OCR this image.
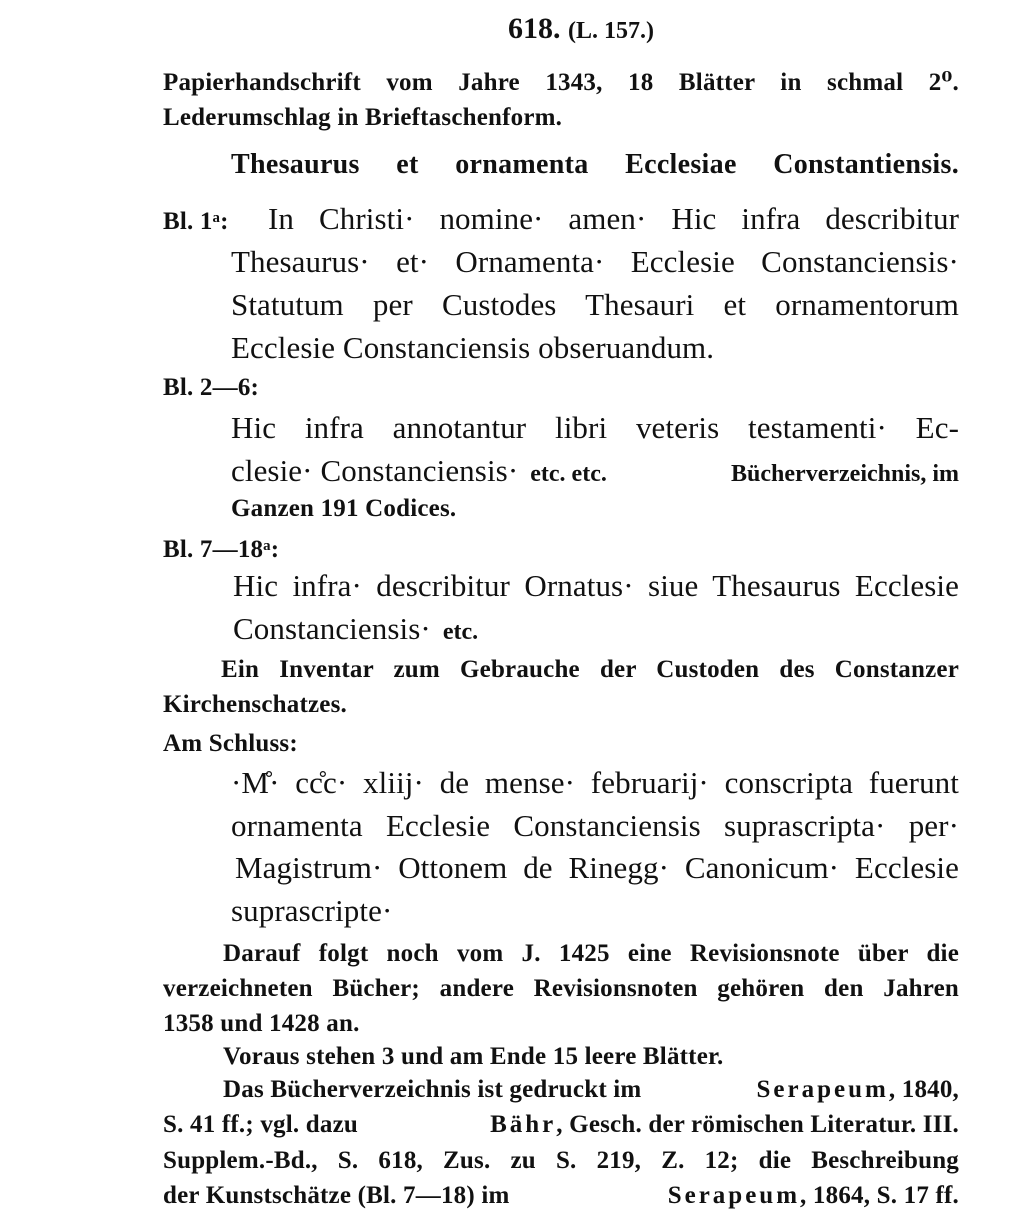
618. (L. 157.)
Papierhandschrift vom Jahre 1343, 18 Blätter in schmal 2⁰.
Lederumschlag in Brieftaschenform.
Thesaurus et ornamenta Ecclesiae Constantiensis.
Bl. 1ᵃ: In Christi· nomine· amen· Hic infra describitur
Thesaurus· et· Ornamenta· Ecclesie Constanciensis·
Statutum per Custodes Thesauri et ornamentorum
Ecclesie Constanciensis obseruandum.
Bl. 2—6:
Hic infra annotantur libri veteris testamenti· Ec-
clesie· Constanciensis· etc. etc.	Bücherverzeichnis, im
Ganzen 191 Codices.
Bl. 7—18ᵃ:
Hic infra· describitur Ornatus· siue Thesaurus Ecclesie
Constanciensis· etc.
Ein Inventar zum Gebrauche der Custoden des Constanzer
Kirchenschatzes.
Am Schluss:
·M̊· cc̊c· xliij· de mense· februarij· conscripta fuerunt
ornamenta Ecclesie Constanciensis suprascripta· per·
Magistrum· Ottonem de Rinegg· Canonicum· Ecclesie
suprascripte·
Darauf folgt noch vom J. 1425 eine Revisionsnote über die
verzeichneten Bücher; andere Revisionsnoten gehören den Jahren
1358 und 1428 an.
Voraus stehen 3 und am Ende 15 leere Blätter.
Das Bücherverzeichnis ist gedruckt im	Serapeum, 1840,
S. 41 ff.; vgl. dazu	Bähr, Gesch. der römischen Literatur. III.
Supplem.-Bd., S. 618, Zus. zu S. 219, Z. 12; die Beschreibung
der Kunstschätze (Bl. 7—18) im	Serapeum, 1864, S. 17 ff.
